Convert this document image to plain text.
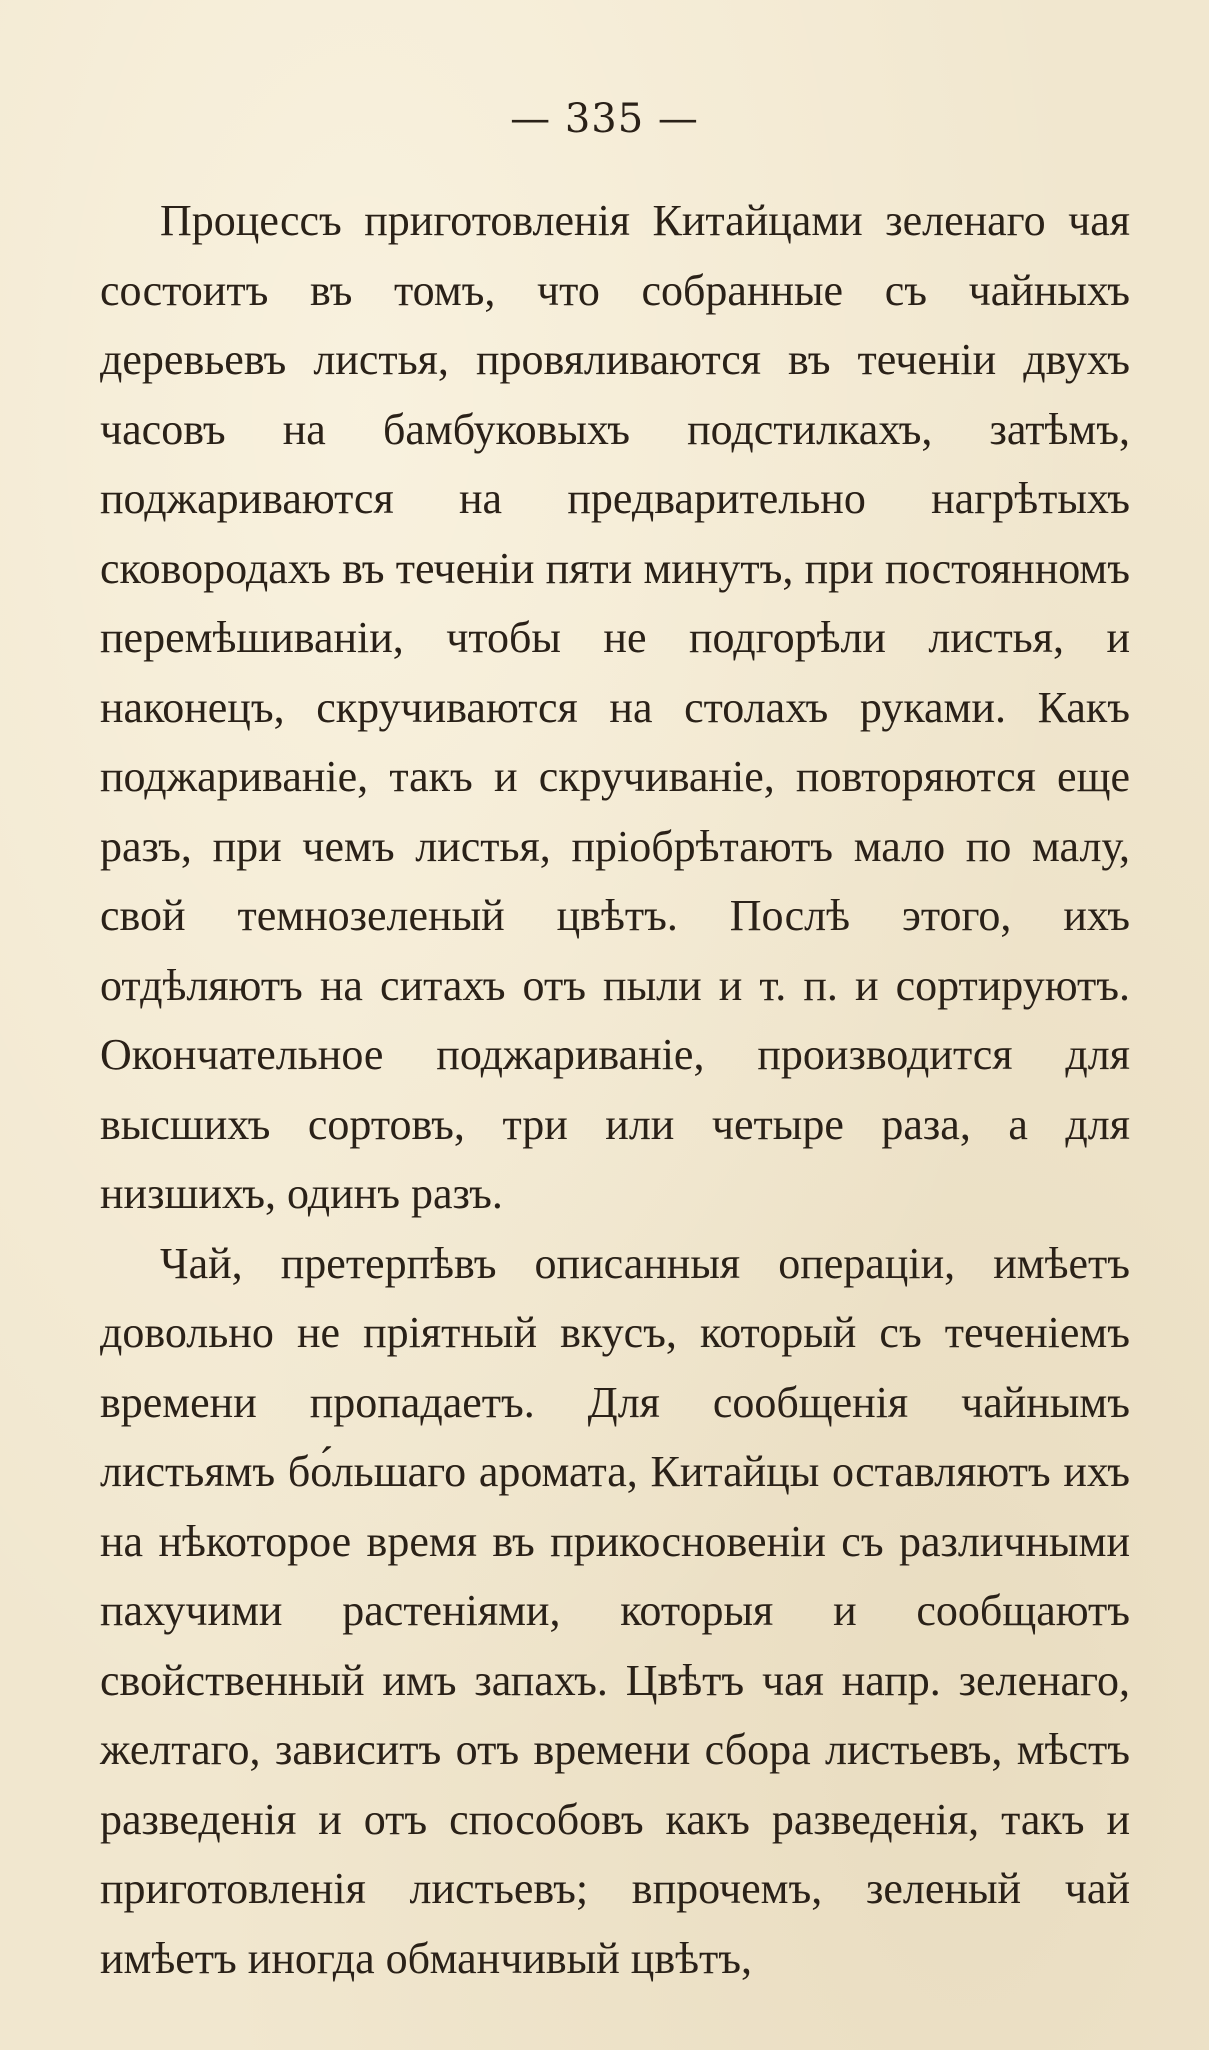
— 335 —

Процессъ приготовленія Китайцами зеленаго чая состоитъ въ томъ, что собранные съ чайныхъ деревьевъ листья, провяливаются въ теченіи двухъ часовъ на бамбуковыхъ подстилкахъ, затѣмъ, поджариваются на предварительно нагрѣтыхъ сковородахъ въ теченіи пяти минутъ, при постоянномъ перемѣшиваніи, чтобы не подгорѣли листья, и наконецъ, скручиваются на столахъ руками. Какъ поджариваніе, такъ и скручиваніе, повторяются еще разъ, при чемъ листья, пріобрѣтаютъ мало по малу, свой темнозеленый цвѣтъ. Послѣ этого, ихъ отдѣляютъ на ситахъ отъ пыли и т. п. и сортируютъ. Окончательное поджариваніе, производится для высшихъ сортовъ, три или четыре раза, а для низшихъ, одинъ разъ.

Чай, претерпѣвъ описанныя операціи, имѣетъ довольно не пріятный вкусъ, который съ теченіемъ времени пропадаетъ. Для сообщенія чайнымъ листьямъ бо́льшаго аромата, Китайцы оставляютъ ихъ на нѣкоторое время въ прикосновеніи съ различными пахучими растеніями, которыя и сообщаютъ свойственный имъ запахъ. Цвѣтъ чая напр. зеленаго, желтаго, зависитъ отъ времени сбора листьевъ, мѣстъ разведенія и отъ способовъ какъ разведенія, такъ и приготовленія листьевъ; впрочемъ, зеленый чай имѣетъ иногда обманчивый цвѣтъ,
